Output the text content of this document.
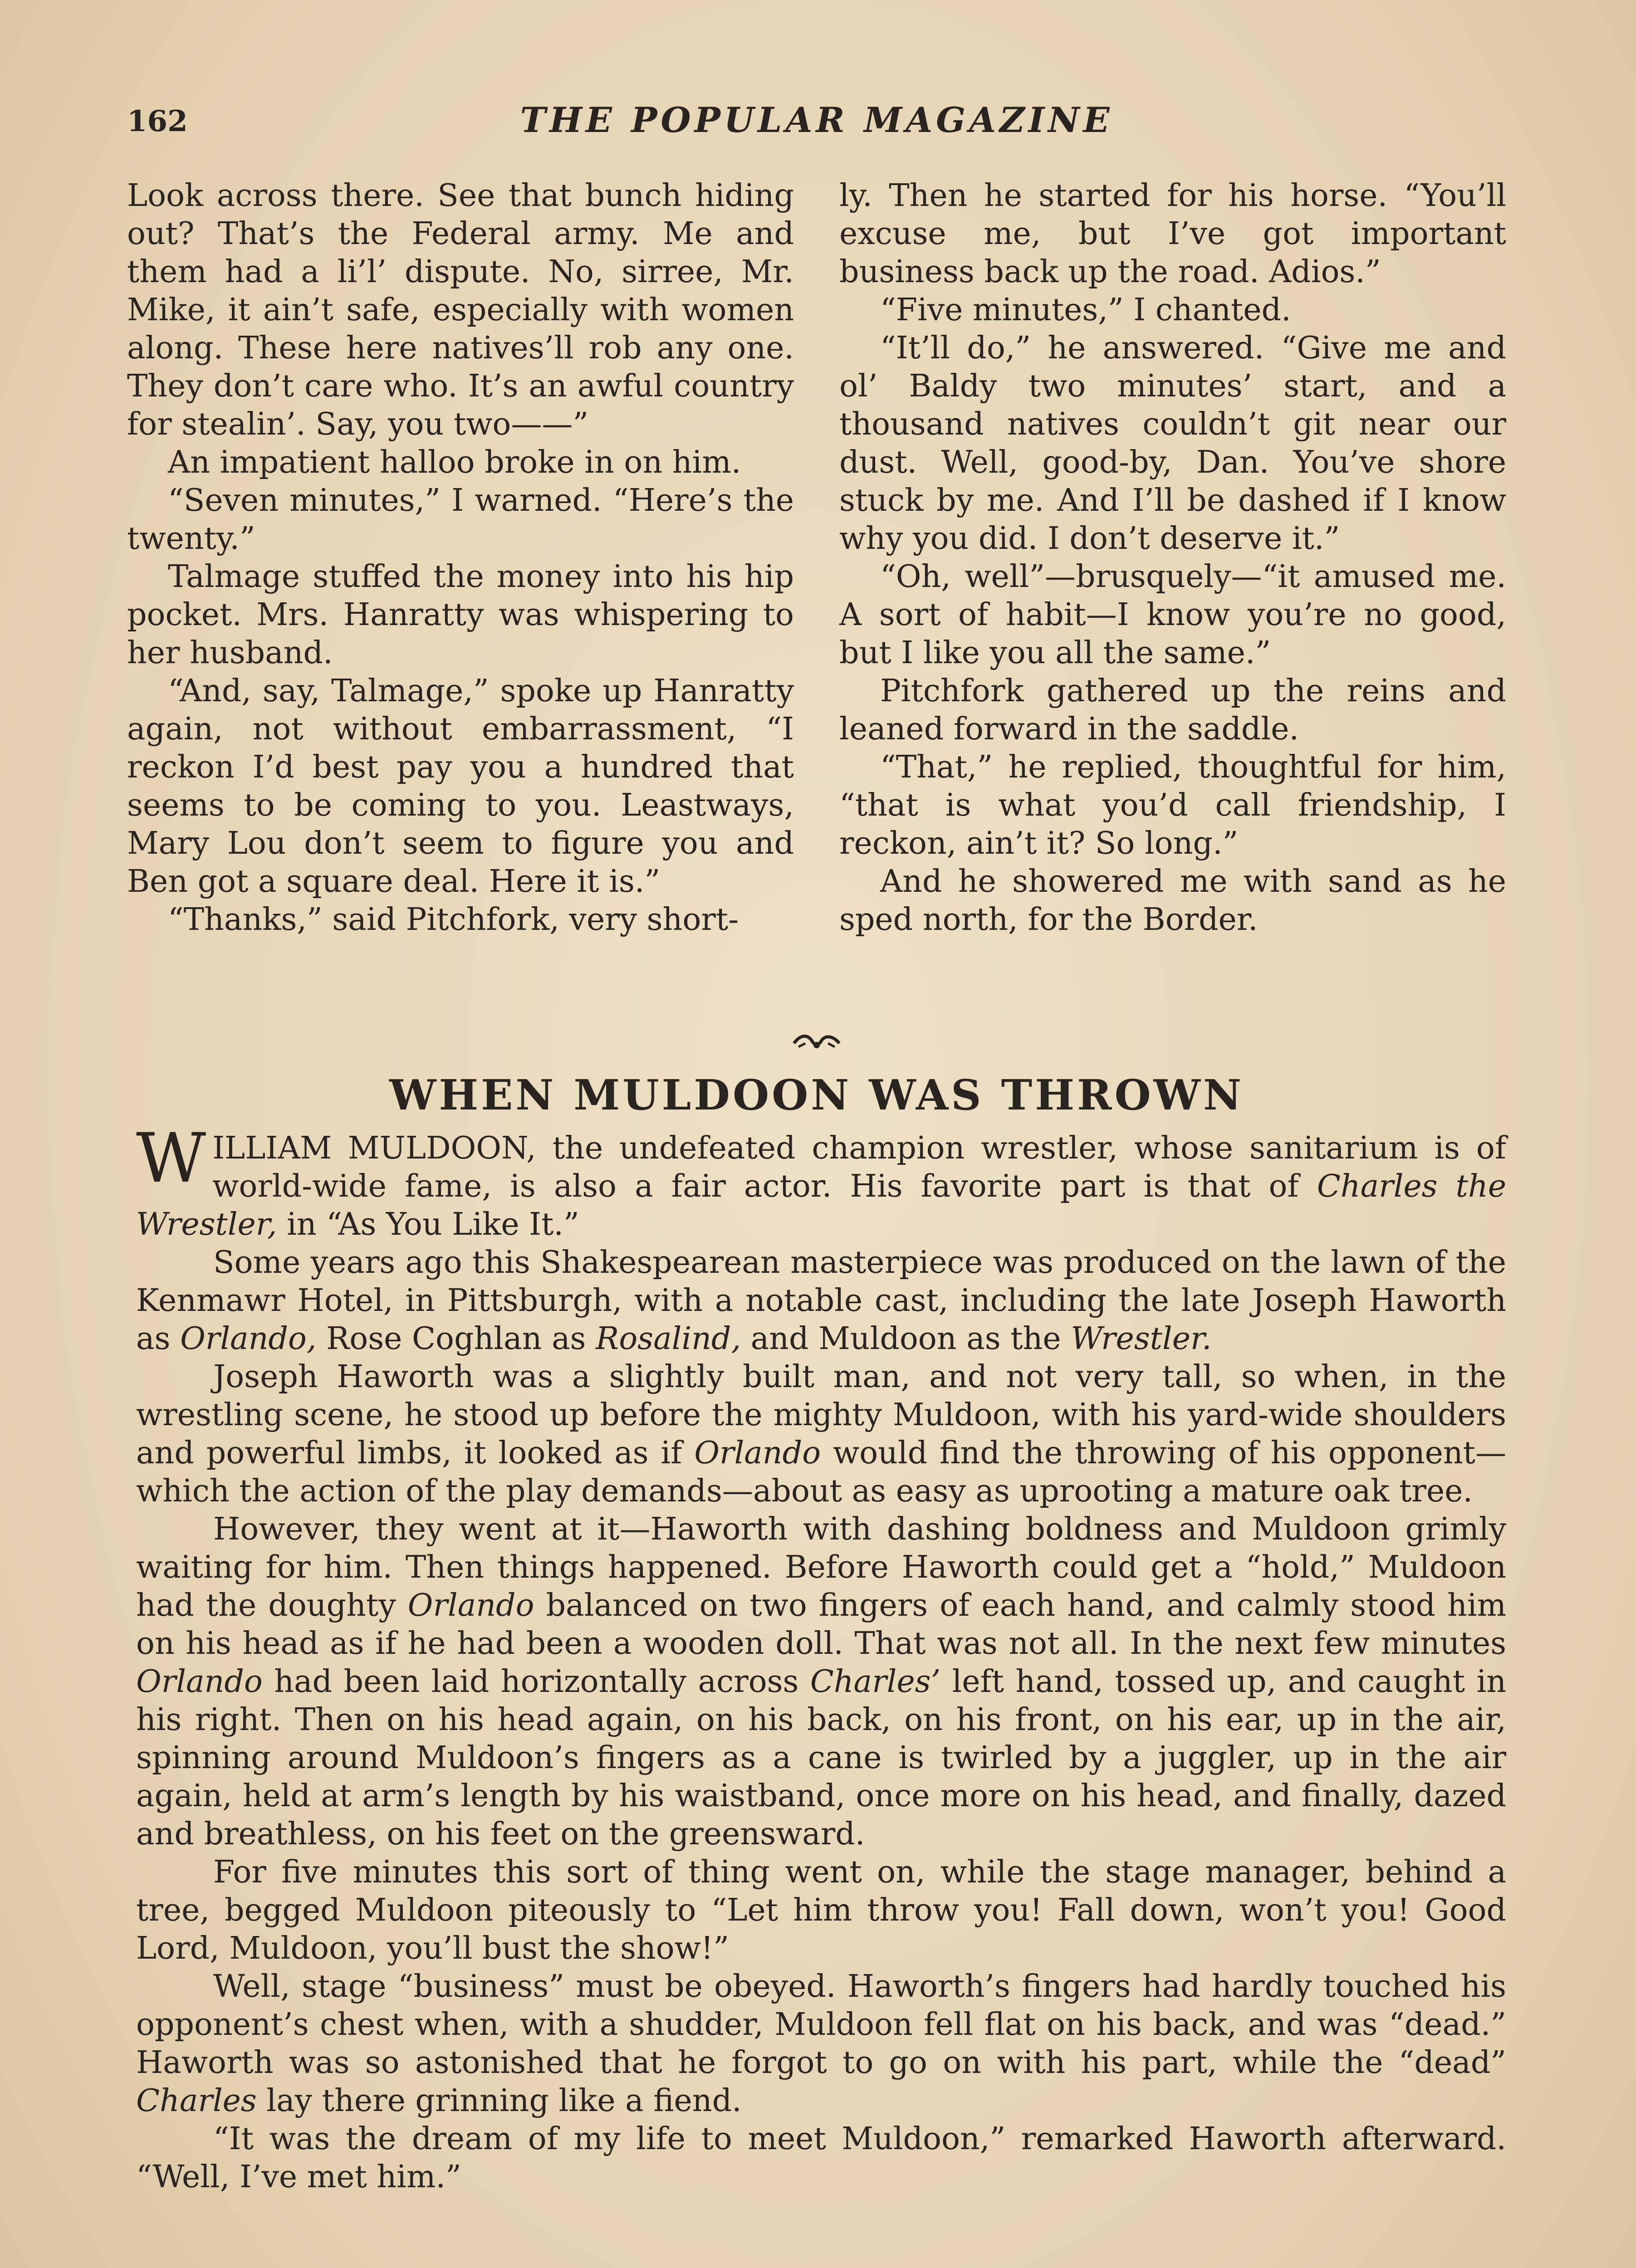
162	THE POPULAR MAGAZINE

Look across there. See that bunch hiding out? That’s the Federal army. Me and them had a li’l’ dispute. No, sirree, Mr. Mike, it ain’t safe, especially with women along. These here natives’ll rob any one. They don’t care who. It’s an awful country for stealin’. Say, you two——”

An impatient halloo broke in on him.

“Seven minutes,” I warned. “Here’s the twenty.”

Talmage stuffed the money into his hip pocket. Mrs. Hanratty was whispering to her husband.

“And, say, Talmage,” spoke up Hanratty again, not without embarrassment, “I reckon I’d best pay you a hundred that seems to be coming to you. Leastways, Mary Lou don’t seem to figure you and Ben got a square deal. Here it is.”

“Thanks,” said Pitchfork, very short-

ly. Then he started for his horse. “You’ll excuse me, but I’ve got important business back up the road. Adios.”

“Five minutes,” I chanted.

“It’ll do,” he answered. “Give me and ol’ Baldy two minutes’ start, and a thousand natives couldn’t git near our dust. Well, good-by, Dan. You’ve shore stuck by me. And I’ll be dashed if I know why you did. I don’t deserve it.”

“Oh, well”—brusquely—“it amused me. A sort of habit—I know you’re no good, but I like you all the same.”

Pitchfork gathered up the reins and leaned forward in the saddle.

“That,” he replied, thoughtful for him, “that is what you’d call friendship, I reckon, ain’t it? So long.”

And he showered me with sand as he sped north, for the Border.

WHEN MULDOON WAS THROWN

WILLIAM MULDOON, the undefeated champion wrestler, whose sanitarium is of world-wide fame, is also a fair actor. His favorite part is that of Charles the Wrestler, in “As You Like It.”

Some years ago this Shakespearean masterpiece was produced on the lawn of the Kenmawr Hotel, in Pittsburgh, with a notable cast, including the late Joseph Haworth as Orlando, Rose Coghlan as Rosalind, and Muldoon as the Wrestler.

Joseph Haworth was a slightly built man, and not very tall, so when, in the wrestling scene, he stood up before the mighty Muldoon, with his yard-wide shoulders and powerful limbs, it looked as if Orlando would find the throwing of his opponent—which the action of the play demands—about as easy as uprooting a mature oak tree.

However, they went at it—Haworth with dashing boldness and Muldoon grimly waiting for him. Then things happened. Before Haworth could get a “hold,” Muldoon had the doughty Orlando balanced on two fingers of each hand, and calmly stood him on his head as if he had been a wooden doll. That was not all. In the next few minutes Orlando had been laid horizontally across Charles’ left hand, tossed up, and caught in his right. Then on his head again, on his back, on his front, on his ear, up in the air, spinning around Muldoon’s fingers as a cane is twirled by a juggler, up in the air again, held at arm’s length by his waistband, once more on his head, and finally, dazed and breathless, on his feet on the greensward.

For five minutes this sort of thing went on, while the stage manager, behind a tree, begged Muldoon piteously to “Let him throw you! Fall down, won’t you! Good Lord, Muldoon, you’ll bust the show!”

Well, stage “business” must be obeyed. Haworth’s fingers had hardly touched his opponent’s chest when, with a shudder, Muldoon fell flat on his back, and was “dead.” Haworth was so astonished that he forgot to go on with his part, while the “dead” Charles lay there grinning like a fiend.

“It was the dream of my life to meet Muldoon,” remarked Haworth afterward. “Well, I’ve met him.”
